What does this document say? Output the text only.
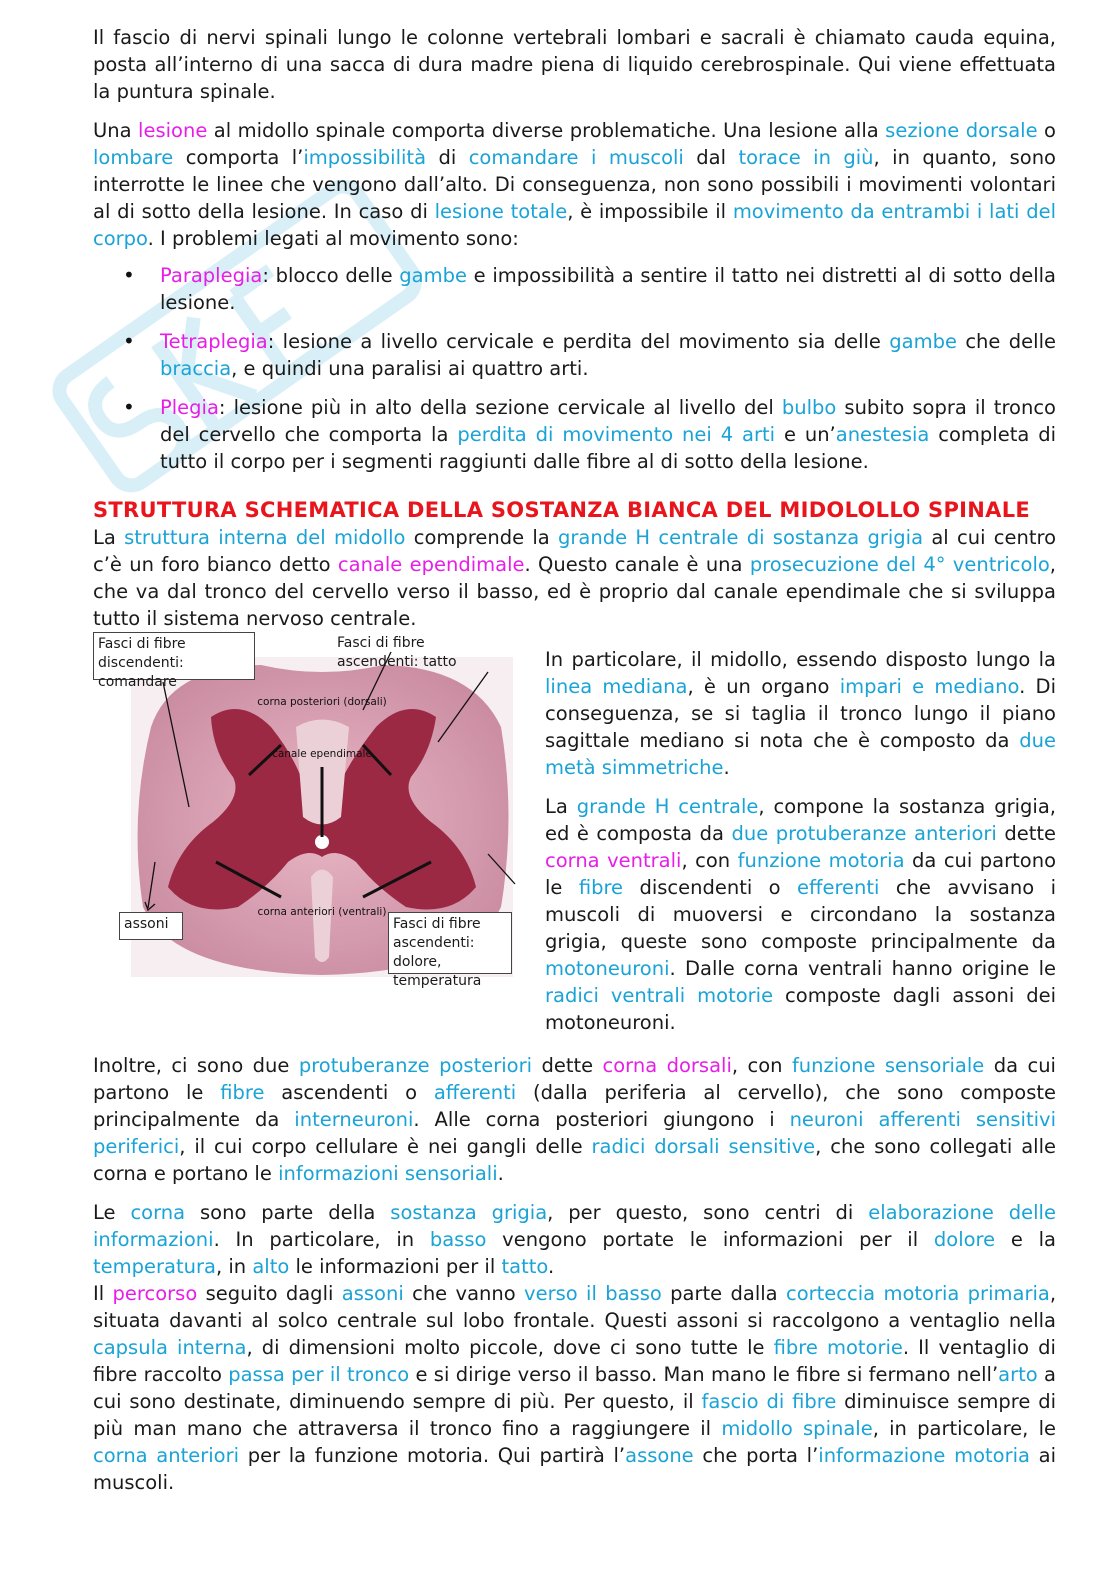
Il fascio di nervi spinali lungo le colonne vertebrali lombari e sacrali è chiamato cauda equina, posta all’interno di una sacca di dura madre piena di liquido cerebrospinale. Qui viene effettuata la puntura spinale.

Una lesione al midollo spinale comporta diverse problematiche. Una lesione alla sezione dorsale o lombare comporta l’impossibilità di comandare i muscoli dal torace in giù, in quanto, sono interrotte le linee che vengono dall’alto. Di conseguenza, non sono possibili i movimenti volontari al di sotto della lesione. In caso di lesione totale, è impossibile il movimento da entrambi i lati del corpo. I problemi legati al movimento sono:

• Paraplegia: blocco delle gambe e impossibilità a sentire il tatto nei distretti al di sotto della lesione.
• Tetraplegia: lesione a livello cervicale e perdita del movimento sia delle gambe che delle braccia, e quindi una paralisi ai quattro arti.
• Plegia: lesione più in alto della sezione cervicale al livello del bulbo subito sopra il tronco del cervello che comporta la perdita di movimento nei 4 arti e un’anestesia completa di tutto il corpo per i segmenti raggiunti dalle fibre al di sotto della lesione.
STRUTTURA SCHEMATICA DELLA SOSTANZA BIANCA DEL MIDOLOLLO SPINALE

La struttura interna del midollo comprende la grande H centrale di sostanza grigia al cui centro c’è un foro bianco detto canale ependimale. Questo canale è una prosecuzione del 4° ventricolo, che va dal tronco del cervello verso il basso, ed è proprio dal canale ependimale che si sviluppa tutto il sistema nervoso centrale.

corna posteriori (dorsali)
canale ependimale
corna anteriori (ventrali)
Fasci di fibre discendenti: comandare
Fasci di fibre ascendenti: tatto
assoni	Fasci di fibre ascendenti: dolore, temperatura

In particolare, il midollo, essendo disposto lungo la linea mediana, è un organo impari e mediano. Di conseguenza, se si taglia il tronco lungo il piano sagittale mediano si nota che è composto da due metà simmetriche.

La grande H centrale, compone la sostanza grigia, ed è composta da due protuberanze anteriori dette corna ventrali, con funzione motoria da cui partono le fibre discendenti o efferenti che avvisano i muscoli di muoversi e circondano la sostanza grigia, queste sono composte principalmente da motoneuroni. Dalle corna ventrali hanno origine le radici ventrali motorie composte dagli assoni dei motoneuroni.

Inoltre, ci sono due protuberanze posteriori dette corna dorsali, con funzione sensoriale da cui partono le fibre ascendenti o afferenti (dalla periferia al cervello), che sono composte principalmente da interneuroni. Alle corna posteriori giungono i neuroni afferenti sensitivi periferici, il cui corpo cellulare è nei gangli delle radici dorsali sensitive, che sono collegati alle corna e portano le informazioni sensoriali.

Le corna sono parte della sostanza grigia, per questo, sono centri di elaborazione delle informazioni. In particolare, in basso vengono portate le informazioni per il dolore e la temperatura, in alto le informazioni per il tatto.

Il percorso seguito dagli assoni che vanno verso il basso parte dalla corteccia motoria primaria, situata davanti al solco centrale sul lobo frontale. Questi assoni si raccolgono a ventaglio nella capsula interna, di dimensioni molto piccole, dove ci sono tutte le fibre motorie. Il ventaglio di fibre raccolto passa per il tronco e si dirige verso il basso. Man mano le fibre si fermano nell’arto a cui sono destinate, diminuendo sempre di più. Per questo, il fascio di fibre diminuisce sempre di più man mano che attraversa il tronco fino a raggiungere il midollo spinale, in particolare, le corna anteriori per la funzione motoria. Qui partirà l’assone che porta l’informazione motoria ai muscoli.
